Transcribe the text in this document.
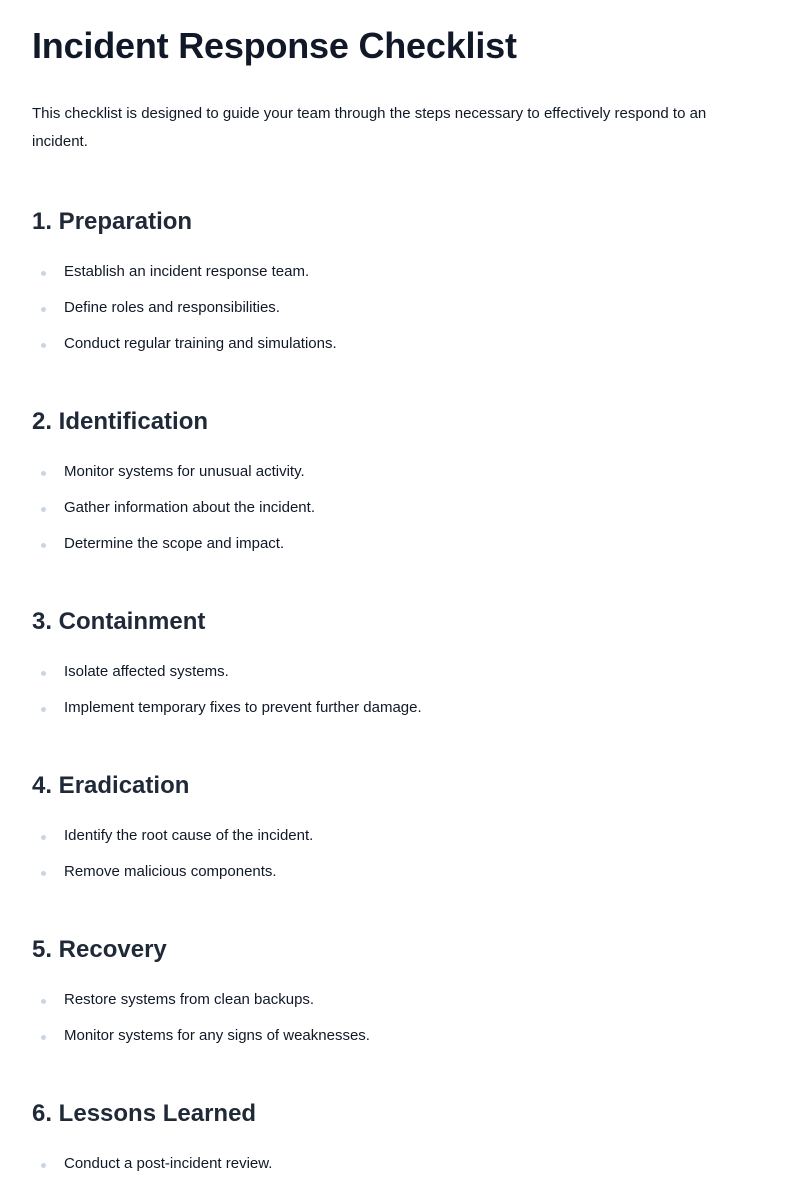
Incident Response Checklist

This checklist is designed to guide your team through the steps necessary to effectively respond to an incident.

1. Preparation
Establish an incident response team.
Define roles and responsibilities.
Conduct regular training and simulations.
2. Identification
Monitor systems for unusual activity.
Gather information about the incident.
Determine the scope and impact.
3. Containment
Isolate affected systems.
Implement temporary fixes to prevent further damage.
4. Eradication
Identify the root cause of the incident.
Remove malicious components.
5. Recovery
Restore systems from clean backups.
Monitor systems for any signs of weaknesses.
6. Lessons Learned
Conduct a post-incident review.
